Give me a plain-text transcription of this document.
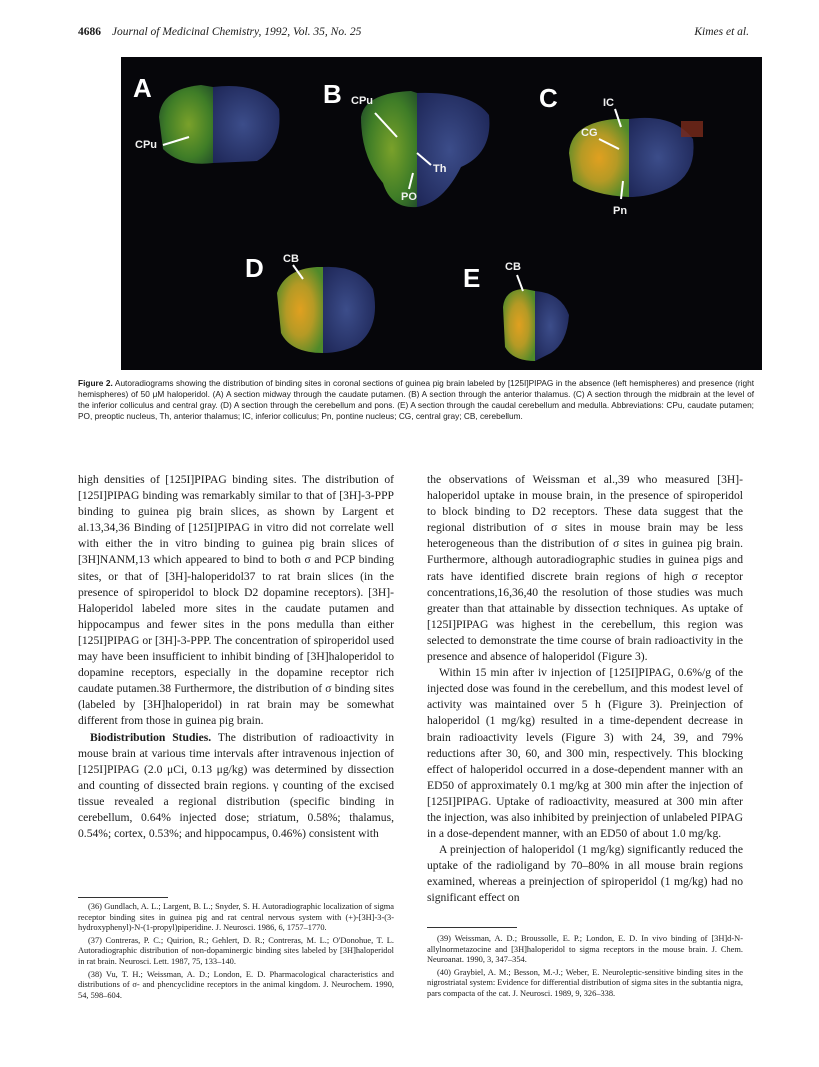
4686 Journal of Medicinal Chemistry, 1992, Vol. 35, No. 25	Kimes et al.
A
CPu
B CPu
Th
PO
C	IC
CG
Pn
D CB
E CB
Figure 2. Autoradiograms showing the distribution of binding sites in coronal sections of guinea pig brain labeled by [125I]PIPAG in the absence (left hemispheres) and presence (right hemispheres) of 50 μM haloperidol. (A) A section midway through the caudate putamen. (B) A section through the anterior thalamus. (C) A section through the midbrain at the level of the inferior colliculus and central gray. (D) A section through the cerebellum and pons. (E) A section through the caudal cerebellum and medulla. Abbreviations: CPu, caudate putamen; PO, preoptic nucleus, Th, anterior thalamus; IC, inferior colliculus; Pn, pontine nucleus; CG, central gray; CB, cerebellum.

high densities of [125I]PIPAG binding sites. The distribution of [125I]PIPAG binding was remarkably similar to that of [3H]-3-PPP binding to guinea pig brain slices, as shown by Largent et al.13,34,36 Binding of [125I]PIPAG in vitro did not correlate well with either the in vitro binding to guinea pig brain slices of [3H]NANM,13 which appeared to bind to both σ and PCP binding sites, or that of [3H]-haloperidol37 to rat brain slices (in the presence of spiroperidol to block D2 dopamine receptors). [3H]-Haloperidol labeled more sites in the caudate putamen and hippocampus and fewer sites in the pons medulla than either [125I]PIPAG or [3H]-3-PPP. The concentration of spiroperidol used may have been insufficient to inhibit binding of [3H]haloperidol to dopamine receptors, especially in the dopamine receptor rich caudate putamen.38 Furthermore, the distribution of σ binding sites (labeled by [3H]haloperidol) in rat brain may be somewhat different from those in guinea pig brain.

Biodistribution Studies. The distribution of radioactivity in mouse brain at various time intervals after intravenous injection of [125I]PIPAG (2.0 μCi, 0.13 μg/kg) was determined by dissection and counting of dissected brain regions. γ counting of the excised tissue revealed a regional distribution (specific binding in cerebellum, 0.64% injected dose; striatum, 0.58%; thalamus, 0.54%; cortex, 0.53%; and hippocampus, 0.46%) consistent with

the observations of Weissman et al.,39 who measured [3H]-haloperidol uptake in mouse brain, in the presence of spiroperidol to block binding to D2 receptors. These data suggest that the regional distribution of σ sites in mouse brain may be less heterogeneous than the distribution of σ sites in guinea pig brain. Furthermore, although autoradiographic studies in guinea pigs and rats have identified discrete brain regions of high σ receptor concentrations,16,36,40 the resolution of those studies was much greater than that attainable by dissection techniques. As uptake of [125I]PIPAG was highest in the cerebellum, this region was selected to demonstrate the time course of brain radioactivity in the presence and absence of haloperidol (Figure 3).

Within 15 min after iv injection of [125I]PIPAG, 0.6%/g of the injected dose was found in the cerebellum, and this modest level of activity was maintained over 5 h (Figure 3). Preinjection of haloperidol (1 mg/kg) resulted in a time-dependent decrease in brain radioactivity levels (Figure 3) with 24, 39, and 79% reductions after 30, 60, and 300 min, respectively. This blocking effect of haloperidol occurred in a dose-dependent manner with an ED50 of approximately 0.1 mg/kg at 300 min after the injection of [125I]PIPAG. Uptake of radioactivity, measured at 300 min after the injection, was also inhibited by preinjection of unlabeled PIPAG in a dose-dependent manner, with an ED50 of about 1.0 mg/kg.

A preinjection of haloperidol (1 mg/kg) significantly reduced the uptake of the radioligand by 70–80% in all mouse brain regions examined, whereas a preinjection of spiroperidol (1 mg/kg) had no significant effect on

(36) Gundlach, A. L.; Largent, B. L.; Snyder, S. H. Autoradiographic localization of sigma receptor binding sites in guinea pig and rat central nervous system with (+)-[3H]-3-(3-hydroxyphenyl)-N-(1-propyl)piperidine. J. Neurosci. 1986, 6, 1757–1770.

(37) Contreras, P. C.; Quirion, R.; Gehlert, D. R.; Contreras, M. L.; O'Donohue, T. L. Autoradiographic distribution of non-dopaminergic binding sites labeled by [3H]haloperidol in rat brain. Neurosci. Lett. 1987, 75, 133–140.

(38) Vu, T. H.; Weissman, A. D.; London, E. D. Pharmacological characteristics and distributions of σ- and phencyclidine receptors in the animal kingdom. J. Neurochem. 1990, 54, 598–604.

(39) Weissman, A. D.; Broussolle, E. P.; London, E. D. In vivo binding of [3H]d-N-allylnormetazocine and [3H]haloperidol to sigma receptors in the mouse brain. J. Chem. Neuroanat. 1990, 3, 347–354.

(40) Graybiel, A. M.; Besson, M.-J.; Weber, E. Neuroleptic-sensitive binding sites in the nigrostriatal system: Evidence for differential distribution of sigma sites in the subtantia nigra, pars compacta of the cat. J. Neurosci. 1989, 9, 326–338.
